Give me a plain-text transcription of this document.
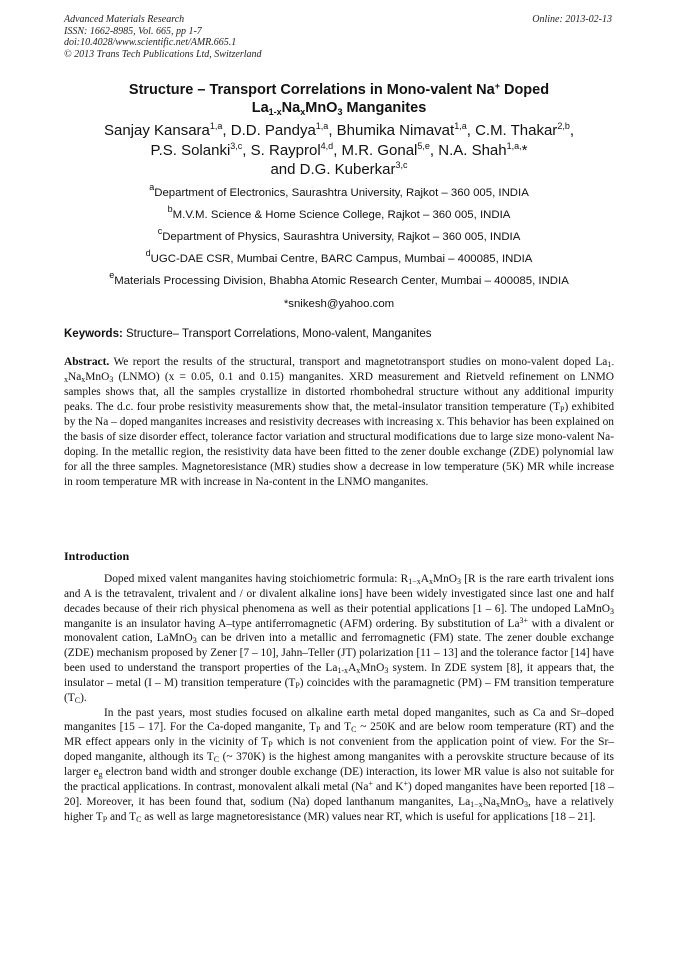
Advanced Materials Research
ISSN: 1662-8985, Vol. 665, pp 1-7
doi:10.4028/www.scientific.net/AMR.665.1
© 2013 Trans Tech Publications Ltd, Switzerland
Online: 2013-02-13
Structure – Transport Correlations in Mono-valent Na+ Doped
$La_{1-x}Na_xMnO_3$ Manganites
Sanjay Kansara$^{1,a}$, D.D. Pandya$^{1,a}$, Bhumika Nimavat$^{1,a}$, C.M. Thakar$^{2,b}$,
P.S. Solanki$^{3,c}$, S. Rayprol$^{4,d}$, M.R. Gonal$^{5,e}$, N.A. Shah$^{1,a,}$*
and D.G. Kuberkar$^{3,c}$
$^a$Department of Electronics, Saurashtra University, Rajkot – 360 005, INDIA
$^b$M.V.M. Science & Home Science College, Rajkot – 360 005, INDIA
$^c$Department of Physics, Saurashtra University, Rajkot – 360 005, INDIA
$^d$UGC-DAE CSR, Mumbai Centre, BARC Campus, Mumbai – 400085, INDIA
$^e$Materials Processing Division, Bhabha Atomic Research Center, Mumbai – 400085, INDIA
*snikesh@yahoo.com
Keywords: Structure– Transport Correlations, Mono-valent, Manganites
Abstract. We report the results of the structural, transport and magnetotransport studies on mono-valent doped $La_{1-x}Na_xMnO_3$ (LNMO) (x = 0.05, 0.1 and 0.15) manganites. XRD measurement and Rietveld refinement on LNMO samples shows that, all the samples crystallize in distorted rhombohedral structure without any additional impurity peaks. The d.c. four probe resistivity measurements show that, the metal-insulator transition temperature $(T_P)$ exhibited by the Na – doped manganites increases and resistivity decreases with increasing x. This behavior has been explained on the basis of size disorder effect, tolerance factor variation and structural modifications due to large size mono-valent Na- doping. In the metallic region, the resistivity data have been fitted to the zener double exchange (ZDE) polynomial law for all the three samples. Magnetoresistance (MR) studies show a decrease in low temperature (5K) MR while increase in room temperature MR with increase in Na-content in the LNMO manganites.
Introduction

Doped mixed valent manganites having stoichiometric formula: $R_{1-x}A_xMnO_3$ [R is the rare earth trivalent ions and A is the tetravalent, trivalent and / or divalent alkaline ions] have been widely investigated since last one and half decades because of their rich physical phenomena as well as their potential applications [1 – 6]. The undoped LaMnO$_3$ manganite is an insulator having A–type antiferromagnetic (AFM) ordering. By substitution of $La^{3+}$ with a divalent or monovalent cation, LaMnO$_3$ can be driven into a metallic and ferromagnetic (FM) state. The zener double exchange (ZDE) mechanism proposed by Zener [7 – 10], Jahn–Teller (JT) polarization [11 – 13] and the tolerance factor [14] have been used to understand the transport properties of the $La_{1-x}A_xMnO_3$ system. In ZDE system [8], it appears that, the insulator – metal (I – M) transition temperature $(T_P)$ coincides with the paramagnetic (PM) – FM transition temperature $(T_C)$.

In the past years, most studies focused on alkaline earth metal doped manganites, such as Ca and Sr–doped manganites [15 – 17]. For the Ca-doped manganite, $T_P$ and $T_C$ ~ 250K and are below room temperature (RT) and the MR effect appears only in the vicinity of $T_P$ which is not convenient from the application point of view. For the Sr–doped manganite, although its $T_C$ (~ 370K) is the highest among manganites with a perovskite structure because of its larger $e_g$ electron band width and stronger double exchange (DE) interaction, its lower MR value is also not suitable for the practical applications. In contrast, monovalent alkali metal (Na+ and K+) doped manganites have been reported [18 – 20]. Moreover, it has been found that, sodium (Na) doped lanthanum manganites, $La_{1-x}Na_xMnO_3$, have a relatively higher $T_P$ and $T_C$ as well as large magnetoresistance (MR) values near RT, which is useful for applications [18 – 21].
